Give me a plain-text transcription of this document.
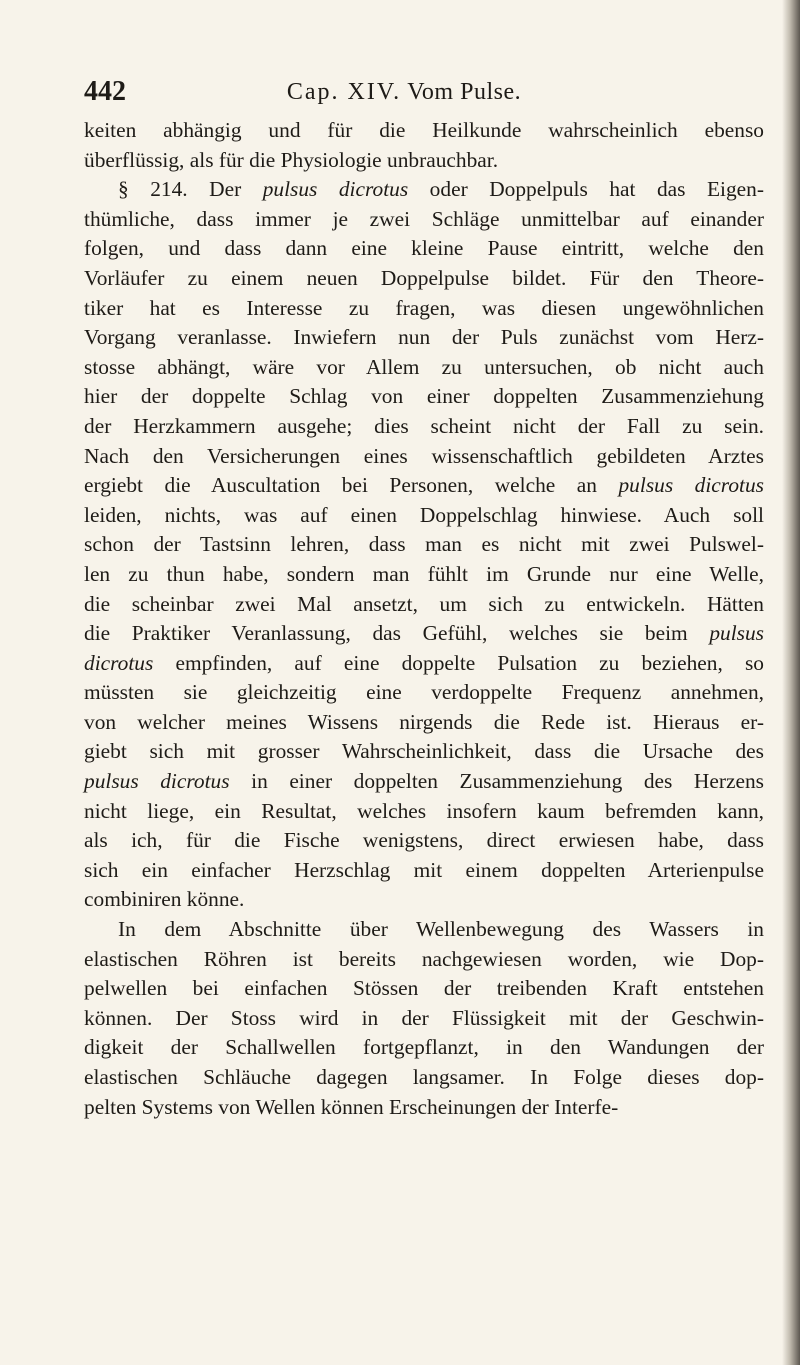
442	Cap. XIV. Vom Pulse.
keiten abhängig und für die Heilkunde wahrscheinlich ebenso
überflüssig, als für die Physiologie unbrauchbar.
§ 214. Der pulsus dicrotus oder Doppelpuls hat das Eigen-
thümliche, dass immer je zwei Schläge unmittelbar auf einander
folgen, und dass dann eine kleine Pause eintritt, welche den
Vorläufer zu einem neuen Doppelpulse bildet. Für den Theore-
tiker hat es Interesse zu fragen, was diesen ungewöhnlichen
Vorgang veranlasse. Inwiefern nun der Puls zunächst vom Herz-
stosse abhängt, wäre vor Allem zu untersuchen, ob nicht auch
hier der doppelte Schlag von einer doppelten Zusammenziehung
der Herzkammern ausgehe; dies scheint nicht der Fall zu sein.
Nach den Versicherungen eines wissenschaftlich gebildeten Arztes
ergiebt die Auscultation bei Personen, welche an pulsus dicrotus
leiden, nichts, was auf einen Doppelschlag hinwiese. Auch soll
schon der Tastsinn lehren, dass man es nicht mit zwei Pulswel-
len zu thun habe, sondern man fühlt im Grunde nur eine Welle,
die scheinbar zwei Mal ansetzt, um sich zu entwickeln. Hätten
die Praktiker Veranlassung, das Gefühl, welches sie beim pulsus
dicrotus empfinden, auf eine doppelte Pulsation zu beziehen, so
müssten sie gleichzeitig eine verdoppelte Frequenz annehmen,
von welcher meines Wissens nirgends die Rede ist. Hieraus er-
giebt sich mit grosser Wahrscheinlichkeit, dass die Ursache des
pulsus dicrotus in einer doppelten Zusammenziehung des Herzens
nicht liege, ein Resultat, welches insofern kaum befremden kann,
als ich, für die Fische wenigstens, direct erwiesen habe, dass
sich ein einfacher Herzschlag mit einem doppelten Arterienpulse
combiniren könne.
In dem Abschnitte über Wellenbewegung des Wassers in
elastischen Röhren ist bereits nachgewiesen worden, wie Dop-
pelwellen bei einfachen Stössen der treibenden Kraft entstehen
können. Der Stoss wird in der Flüssigkeit mit der Geschwin-
digkeit der Schallwellen fortgepflanzt, in den Wandungen der
elastischen Schläuche dagegen langsamer. In Folge dieses dop-
pelten Systems von Wellen können Erscheinungen der Interfe-
